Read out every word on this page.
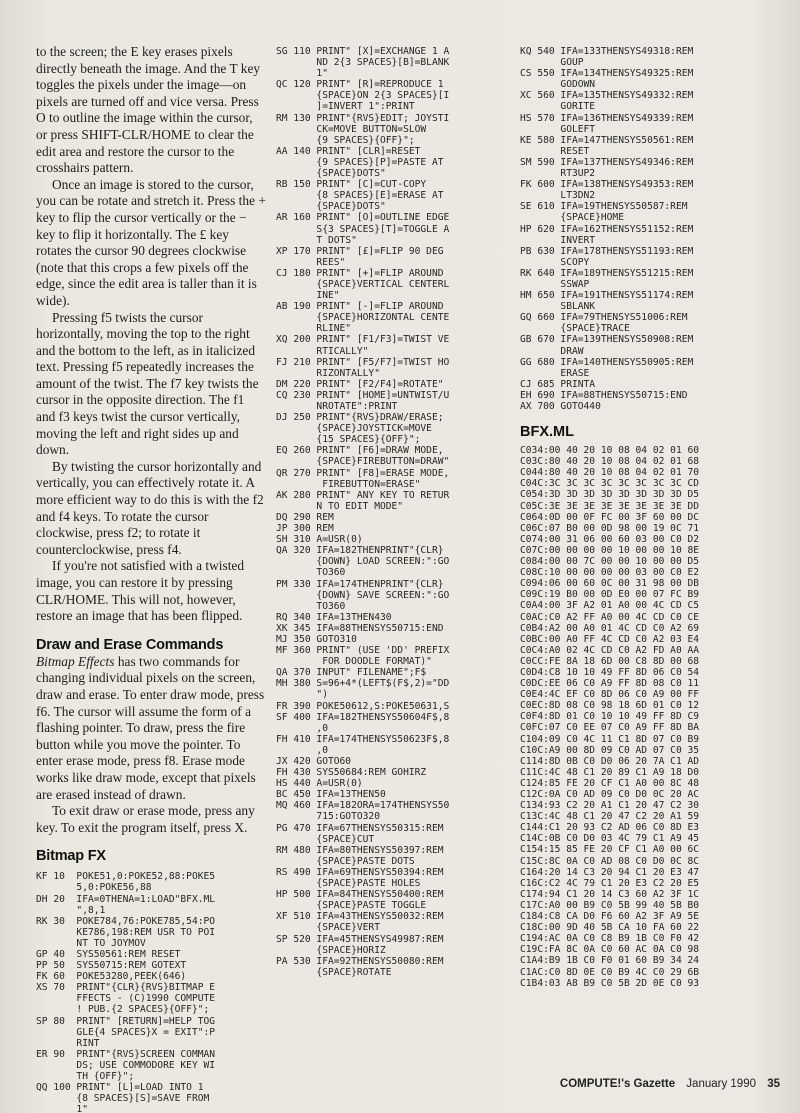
to the screen; the E key erases pixels directly beneath the image. And the T key toggles the pixels under the image—on pixels are turned off and vice versa. Press O to outline the image within the cursor, or press SHIFT-CLR/HOME to clear the edit area and restore the cursor to the crosshairs pattern.

Once an image is stored to the cursor, you can be rotate and stretch it. Press the + key to flip the cursor vertically or the − key to flip it horizontally. The £ key rotates the cursor 90 degrees clockwise (note that this crops a few pixels off the edge, since the edit area is taller than it is wide).

Pressing f5 twists the cursor horizontally, moving the top to the right and the bottom to the left, as in italicized text. Pressing f5 repeatedly increases the amount of the twist. The f7 key twists the cursor in the opposite direction. The f1 and f3 keys twist the cursor vertically, moving the left and right sides up and down.

By twisting the cursor horizontally and vertically, you can effectively rotate it. A more efficient way to do this is with the f2 and f4 keys. To rotate the cursor clockwise, press f2; to rotate it counterclockwise, press f4.

If you're not satisfied with a twisted image, you can restore it by pressing CLR/HOME. This will not, however, restore an image that has been flipped.

Draw and Erase Commands

Bitmap Effects has two commands for changing individual pixels on the screen, draw and erase. To enter draw mode, press f6. The cursor will assume the form of a flashing pointer. To draw, press the fire button while you move the pointer. To enter erase mode, press f8. Erase mode works like draw mode, except that pixels are erased instead of drawn.

To exit draw or erase mode, press any key. To exit the program itself, press X.

Bitmap FX
KF 10  POKE51,0:POKE52,88:POKE5
5,0:POKE56,88
DH 20  IFA=0THENA=1:LOAD"BFX.ML
",8,1
RK 30  POKE784,76:POKE785,54:PO
KE786,198:REM USR TO POI
NT TO JOYMOV
GP 40  SYS50561:REM RESET
PP 50  SYS50715:REM GOTEXT
FK 60  POKE53280,PEEK(646)
XS 70  PRINT"{CLR}{RVS}BITMAP E
FFECTS - (C)1990 COMPUTE
! PUB.{2 SPACES}{OFF}";
SP 80  PRINT" [RETURN]=HELP TOG
GLE{4 SPACES}X = EXIT":P
RINT
ER 90  PRINT"{RVS}SCREEN COMMAN
DS; USE COMMODORE KEY WI
TH {OFF}";
QQ 100 PRINT" [L]=LOAD INTO 1
{8 SPACES}[S]=SAVE FROM
1"
SG 110 PRINT" [X]=EXCHANGE 1 A
ND 2{3 SPACES}[B]=BLANK
1"
QC 120 PRINT" [R]=REPRODUCE 1
{SPACE}ON 2{3 SPACES}[I
]=INVERT 1":PRINT
RM 130 PRINT"{RVS}EDIT; JOYSTI
CK=MOVE BUTTON=SLOW
{9 SPACES}{OFF}";
AA 140 PRINT" [CLR]=RESET
{9 SPACES}[P]=PASTE AT
{SPACE}DOTS"
RB 150 PRINT" [C]=CUT-COPY
{8 SPACES}[E]=ERASE AT
{SPACE}DOTS"
AR 160 PRINT" [O]=OUTLINE EDGE
S{3 SPACES}[T]=TOGGLE A
T DOTS"
XP 170 PRINT" [£]=FLIP 90 DEG
REES"
CJ 180 PRINT" [+]=FLIP AROUND
{SPACE}VERTICAL CENTERL
INE"
AB 190 PRINT" [-]=FLIP AROUND
{SPACE}HORIZONTAL CENTE
RLINE"
XQ 200 PRINT" [F1/F3]=TWIST VE
RTICALLY"
FJ 210 PRINT" [F5/F7]=TWIST HO
RIZONTALLY"
DM 220 PRINT" [F2/F4]=ROTATE"
CQ 230 PRINT" [HOME]=UNTWIST/U
NROTATE":PRINT
DJ 250 PRINT"{RVS}DRAW/ERASE;
{SPACE}JOYSTICK=MOVE
{15 SPACES}{OFF}";
EQ 260 PRINT" [F6]=DRAW MODE,
{SPACE}FIREBUTTON=DRAW"
QR 270 PRINT" [F8]=ERASE MODE,
FIREBUTTON=ERASE"
AK 280 PRINT" ANY KEY TO RETUR
N TO EDIT MODE"
DQ 290 REM
JP 300 REM
SH 310 A=USR(0)
QA 320 IFA=182THENPRINT"{CLR}
{DOWN} LOAD SCREEN:":GO
TO360
PM 330 IFA=174THENPRINT"{CLR}
{DOWN} SAVE SCREEN:":GO
TO360
RQ 340 IFA=13THEN430
XK 345 IFA=88THENSYS50715:END
MJ 350 GOTO310
MF 360 PRINT" (USE 'DD' PREFIX
FOR DOODLE FORMAT)"
QA 370 INPUT" FILENAME";F$
MH 380 S=96+4*(LEFT$(F$,2)="DD
")
FR 390 POKE50612,S:POKE50631,S
SF 400 IFA=182THENSYS50604F$,8
,0
FH 410 IFA=174THENSYS50623F$,8
,0
JX 420 GOTO60
FH 430 SYS50684:REM GOHIRZ
HS 440 A=USR(0)
BC 450 IFA=13THEN50
MQ 460 IFA=182ORA=174THENSYS50
715:GOTO320
PG 470 IFA=67THENSYS50315:REM
{SPACE}CUT
RM 480 IFA=80THENSYS50397:REM
{SPACE}PASTE DOTS
RS 490 IFA=69THENSYS50394:REM
{SPACE}PASTE HOLES
HP 500 IFA=84THENSYS50400:REM
{SPACE}PASTE TOGGLE
XF 510 IFA=43THENSYS50032:REM
{SPACE}VERT
SP 520 IFA=45THENSYS49987:REM
{SPACE}HORIZ
PA 530 IFA=92THENSYS50080:REM
{SPACE}ROTATE
KQ 540 IFA=133THENSYS49318:REM
GOUP
CS 550 IFA=134THENSYS49325:REM
GODOWN
XC 560 IFA=135THENSYS49332:REM
GORITE
HS 570 IFA=136THENSYS49339:REM
GOLEFT
KE 580 IFA=147THENSYS50561:REM
RESET
SM 590 IFA=137THENSYS49346:REM
RT3UP2
FK 600 IFA=138THENSYS49353:REM
LT3DN2
SE 610 IFA=19THENSYS50587:REM
{SPACE}HOME
HP 620 IFA=162THENSYS51152:REM
INVERT
PB 630 IFA=178THENSYS51193:REM
SCOPY
RK 640 IFA=189THENSYS51215:REM
SSWAP
HM 650 IFA=191THENSYS51174:REM
SBLANK
GQ 660 IFA=79THENSYS51006:REM
{SPACE}TRACE
GB 670 IFA=139THENSYS50908:REM
DRAW
GG 680 IFA=140THENSYS50905:REM
ERASE
CJ 685 PRINTA
EH 690 IFA=88THENSYS50715:END
AX 700 GOTO440
BFX.ML
C034:00 40 20 10 08 04 02 01 60
C03C:80 40 20 10 08 04 02 01 68
C044:80 40 20 10 08 04 02 01 70
C04C:3C 3C 3C 3C 3C 3C 3C 3C CD
C054:3D 3D 3D 3D 3D 3D 3D 3D D5
C05C:3E 3E 3E 3E 3E 3E 3E 3E DD
C064:0D 00 0F FC 00 3F 60 00 DC
C06C:07 B0 00 0D 98 00 19 0C 71
C074:00 31 06 00 60 03 00 C0 D2
C07C:00 00 00 00 10 00 00 10 8E
C084:00 00 7C 00 00 10 00 00 D5
C08C:10 00 00 00 00 03 00 C0 E2
C094:06 00 60 0C 00 31 98 00 DB
C09C:19 B0 00 0D E0 00 07 FC B9
C0A4:00 3F A2 01 A0 00 4C CD C5
C0AC:C0 A2 FF A0 00 4C CD C0 CE
C0B4:A2 00 A0 01 4C CD C0 A2 69
C0BC:00 A0 FF 4C CD C0 A2 03 E4
C0C4:A0 02 4C CD C0 A2 FD A0 AA
C0CC:FE 8A 18 6D 00 C8 8D 00 68
C0D4:C8 10 10 49 FF 8D 06 C0 54
C0DC:EE 06 C0 A9 FF 8D 08 C0 11
C0E4:4C EF C0 8D 06 C0 A9 00 FF
C0EC:8D 08 C0 98 18 6D 01 C0 12
C0F4:8D 01 C0 10 10 49 FF 8D C9
C0FC:07 C0 EE 07 C0 A9 FF 8D BA
C104:09 C0 4C 11 C1 8D 07 C0 B9
C10C:A9 00 8D 09 C0 AD 07 C0 35
C114:8D 0B C0 D0 06 20 7A C1 AD
C11C:4C 48 C1 20 89 C1 A9 18 D0
C124:85 FE 20 CF C1 A0 00 8C 48
C12C:0A C0 AD 09 C0 D0 0C 20 AC
C134:93 C2 20 A1 C1 20 47 C2 30
C13C:4C 48 C1 20 47 C2 20 A1 59
C144:C1 20 93 C2 AD 06 C0 8D E3
C14C:0B C0 D0 03 4C 79 C1 A9 45
C154:15 85 FE 20 CF C1 A0 00 6C
C15C:8C 0A C0 AD 08 C0 D0 0C 8C
C164:20 14 C3 20 94 C1 20 E3 47
C16C:C2 4C 79 C1 20 E3 C2 20 E5
C174:94 C1 20 14 C3 60 A2 3F 1C
C17C:A0 00 B9 C0 5B 99 40 5B B0
C184:C8 CA D0 F6 60 A2 3F A9 5E
C18C:00 9D 40 5B CA 10 FA 60 22
C194:AC 0A C0 C8 B9 1B C0 F0 42
C19C:FA 8C 0A C0 60 AC 0A C0 98
C1A4:B9 1B C0 F0 01 60 B9 34 24
C1AC:C0 8D 0E C0 B9 4C C0 29 6B
C1B4:03 A8 B9 C0 5B 2D 0E C0 93
COMPUTE!'s Gazette January 1990 35
